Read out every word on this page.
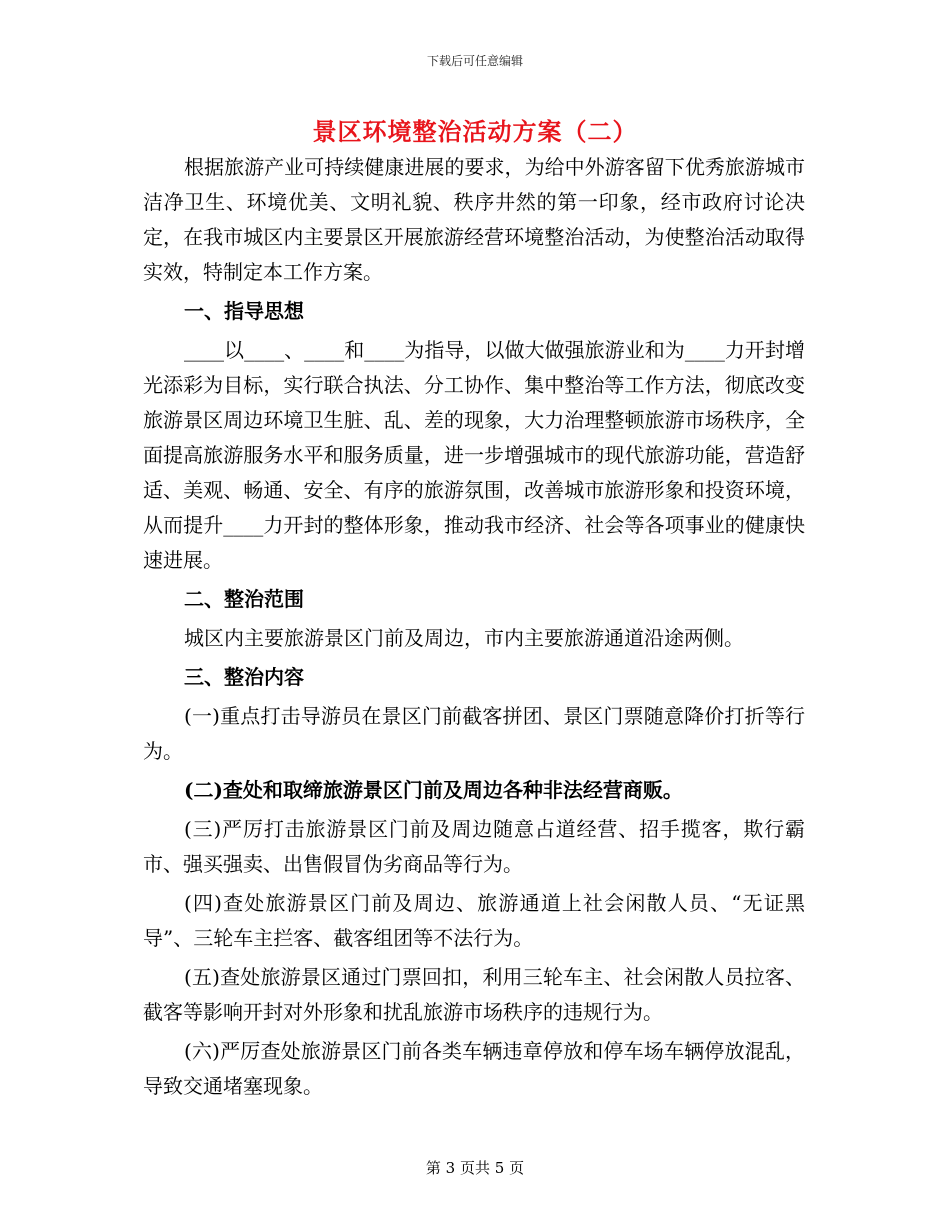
下载后可任意编辑
景区环境整治活动方案（二）

根据旅游产业可持续健康进展的要求，为给中外游客留下优秀旅游城市洁净卫生、环境优美、文明礼貌、秩序井然的第一印象，经市政府讨论决定，在我市城区内主要景区开展旅游经营环境整治活动，为使整治活动取得实效，特制定本工作方案。

一、指导思想

____以____、____和____为指导，以做大做强旅游业和为____力开封增光添彩为目标，实行联合执法、分工协作、集中整治等工作方法，彻底改变旅游景区周边环境卫生脏、乱、差的现象，大力治理整顿旅游市场秩序，全面提高旅游服务水平和服务质量，进一步增强城市的现代旅游功能，营造舒适、美观、畅通、安全、有序的旅游氛围，改善城市旅游形象和投资环境，从而提升____力开封的整体形象，推动我市经济、社会等各项事业的健康快速进展。

二、整治范围

城区内主要旅游景区门前及周边，市内主要旅游通道沿途两侧。

三、整治内容

(一)重点打击导游员在景区门前截客拼团、景区门票随意降价打折等行为。

(二)查处和取缔旅游景区门前及周边各种非法经营商贩。

(三)严厉打击旅游景区门前及周边随意占道经营、招手揽客，欺行霸市、强买强卖、出售假冒伪劣商品等行为。

(四)查处旅游景区门前及周边、旅游通道上社会闲散人员、“无证黑导”、三轮车主拦客、截客组团等不法行为。

(五)查处旅游景区通过门票回扣，利用三轮车主、社会闲散人员拉客、截客等影响开封对外形象和扰乱旅游市场秩序的违规行为。

(六)严厉查处旅游景区门前各类车辆违章停放和停车场车辆停放混乱，导致交通堵塞现象。

第 3 页共 5 页
